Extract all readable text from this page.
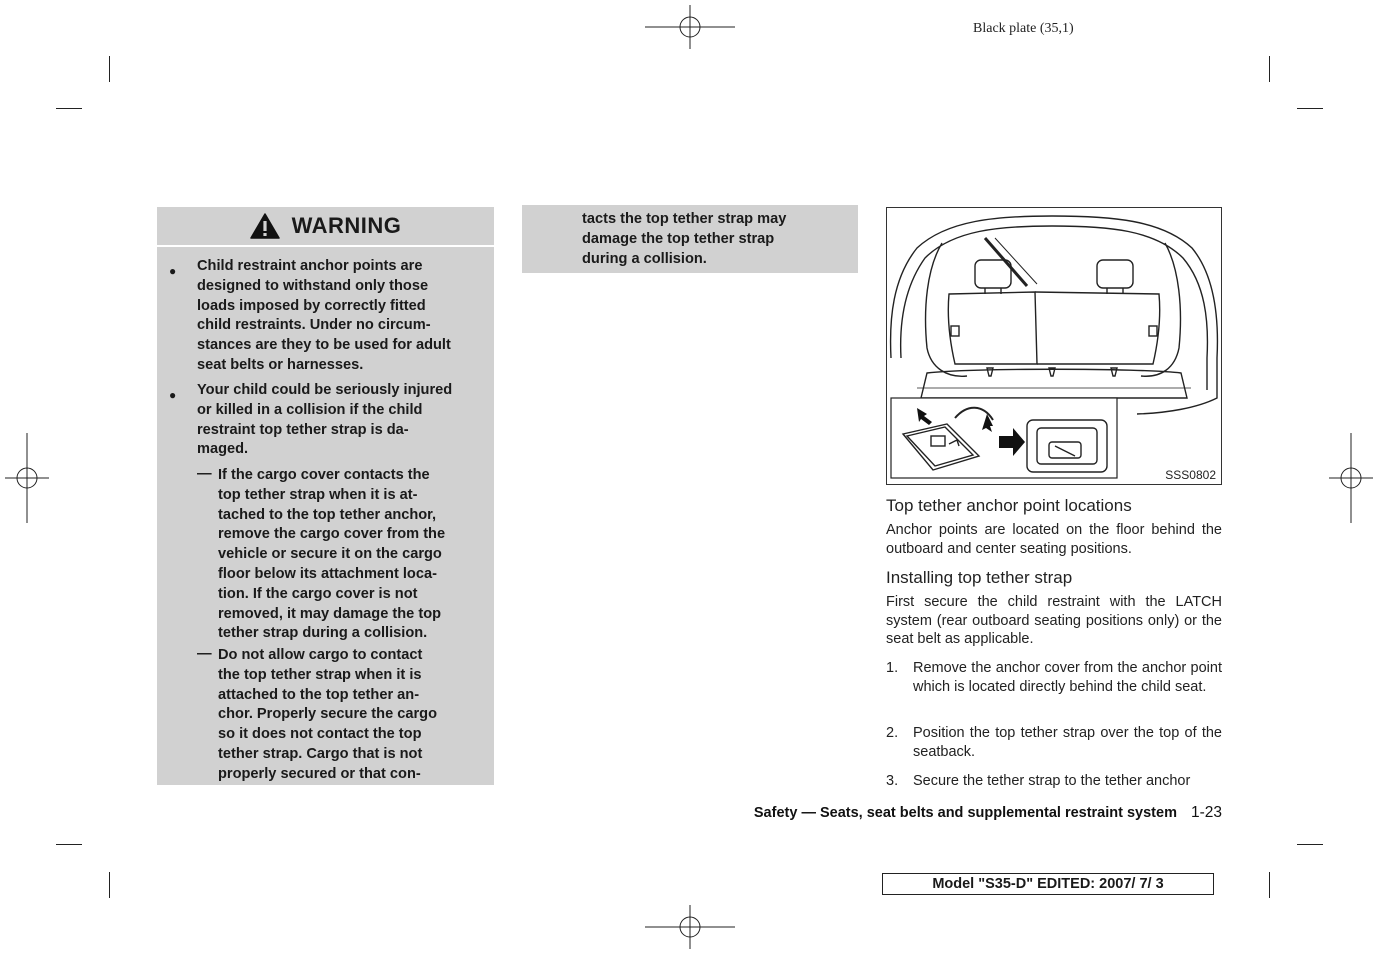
Black plate (35,1)
WARNING
● Child restraint anchor points are
designed to withstand only those
loads imposed by correctly fitted
child restraints. Under no circum-
stances are they to be used for adult
seat belts or harnesses.
● Your child could be seriously injured
or killed in a collision if the child
restraint top tether strap is da-
maged.
— If the cargo cover contacts the
top tether strap when it is at-
tached to the top tether anchor,
remove the cargo cover from the
vehicle or secure it on the cargo
floor below its attachment loca-
tion. If the cargo cover is not
removed, it may damage the top
tether strap during a collision.
— Do not allow cargo to contact
the top tether strap when it is
attached to the top tether an-
chor. Properly secure the cargo
so it does not contact the top
tether strap. Cargo that is not
properly secured or that con-
tacts the top tether strap may
damage the top tether strap
during a collision.
SSS0802
Top tether anchor point locations
Anchor points are located on the floor behind the outboard and center seating positions.
Installing top tether strap
First secure the child restraint with the LATCH system (rear outboard seating positions only) or the seat belt as applicable.
1. Remove the anchor cover from the anchor point which is located directly behind the child seat.
2. Position the top tether strap over the top of the seatback.
3. Secure the tether strap to the tether anchor
Safety — Seats, seat belts and supplemental restraint system 1-23
Model "S35-D" EDITED: 2007/ 7/ 3
